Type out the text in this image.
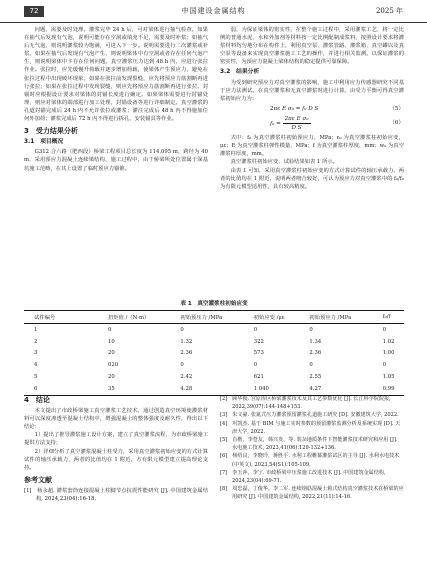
72	中国建设金属结构	2025 年

问题，需要及时处理。灌浆完毕 24 h 后，可对梁体进行抽气检查。如果在抽气后发现有气泡，说明可能存在空洞或填充不足，需要及时补浆；如抽气后无气泡，则说明灌浆较为饱满，可进入下一步。说明需要进行二次灌浆或补浆。如果在抽气后发现有气泡产生，则说明梁体中有空洞或者存在任何气泡产生，则说明梁体中卡存在任何问题。真空灌浆压力达到 48 h 内，应进行张拉作业。张拉时，应先缓慢升荷载并逐步增加荷载，使梁体产生预应力，避免在张拉过程中出现破坏现象。如果在张拉前发现裂缝，应先将预应力筋割断再进行张拉；如果在张拉过程中发现裂缝，则应先将预应力筋割断再进行张拉。封锚时应根据设计要求对梁体的封锚长度进行确定。如果梁体需要进行封锚处理，则应对梁体的端部进行加工处理，封锚设备等进行详细制定。真空灌浆的孔道封锚完成后 24 h 内不允许张拉或灌浆；灌注完成后 48 h 内不得施加任何外加荷；灌浆完成后 72 h 内不得进行拆孔、安装锚具等作业。

3　受力结果分析
3.1　项目概况

G312 合六路（肥西段）桥梁工程项目总长度为 114.095 m，跨径为 40 m，采用预应力混凝土连续梁结构，施工过程中，由于桥梁所处位置属于深基坑施工范畴，在其上设置了临时预应力锚锥。

弱，为保证梁体的密实性，在整个施工过程中，采用灌浆工艺，将一定比例的普通水泥、水和外加剂等材料按一定比例配制成浆料，按照设计要求将灌浆材料均匀地分布在构件上，利用真空泵、灌浆管路、灌浆箱、真空罐以及真空泵等设备来实现真空灌浆施工工艺的操作，并进行相关监测。以保证灌浆的密实性，为预应力混凝土梁体结构的稳定提供可靠保障。

3.2　结果分析

为受到研究预应力对真空灌浆的影响，施工中利用应力传感器研究不同基于应力法测试，在真空灌浆和无真空灌浆时进行计算。由受力平衡可得真空灌浆初始应力为：

2πε E σ₀ = f₀ D S	（5）
$f_0 = \frac{\text{2πε E σ₀}}{\text{D S}}$	（6）

式中：f₀ 为真空灌浆柱初始预应力，MPa；ε₀ 为真空灌浆柱初始应变，με；E 为真空灌浆柱弹性模量，MPa；f 为真空灌浆柱厚度，mm；w₀ 为真空灌浆柱厚度，mm。

真空灌浆柱初始应变、试验结果如表 1 所示。

由表 1 可知，采用真空灌浆柱初始应变的方式计算试件的轴压承载力，两者的比值均在 1 附近，说明两者吻合较好，可认为预应力对真空灌浆中的 f₀/f₀ 为有限元模型适用性，具有较高精度。

表 1　真空灌浆柱初始应变
试件编号	扭矩值 /（N·m）	初始预压力 /MPa	初始应变 /με	初始预应力 /MPa	f₀/f
1	0	0	0	0	0
2	10	1.32	322	1.34	1.02
3	20	2.36	573	2.36	1.00
4	020	0	0	0	0
5	20	2.42	621	2.55	1.05
6	35	4.28	1 040	4.27	0.99
4　结论

本文提出了市政桥梁施工真空灌浆工艺技术，通过创造真空环境使灌浆材料可以深度渗透至混凝土结构中，增强混凝土的整体强度及耐久性，得出以下结论：

1）提出了推导灌浆施工设计方案，建立了真空灌浆流程，为市政桥梁施工提供方法支持；

2）详细分析了真空灌浆混凝土柱受力，采用真空灌浆初始应变的方式计算试件的轴压承载力，两者的比值均在 1 附近，方有限元模型建立提高理论支持。

参考文献

[1]　杨永超. 灌浆套筒连接混凝土柱脚节点抗震性能研究 [J]. 中国建筑金属结构, 2024,23(04):16-18.

[2]　顾华俊. 宫原库区桥梁灌浆技术及其工艺参数优化 [J]. 长江科学院院报, 2022,39(07):144-148+153.

[3]　朱文豪. 张氮式压力灌浆预留灌浆孔道施工研究 [D]. 安徽建筑大学, 2022.

[4]　巩凯杰. 基于 BIM 与施工实时参数的预留灌浆监测分析及系统实现 [D]. 天津大学, 2022.

[5]　肖楷，李苍友，韩兴发，等. 装杂地质条件下智能灌浆技术研究和应用 [J]. 水电施工技术, 2023,41(06):129-132+136.

[6]　杨绍良，李晓玲，蒋胜平. 水利工程帷幕灌浆试区的主导 [J]. 水利水电技术 (中英文), 2023,54(S1):105-109.

[7]　李玉萍，李宁. 市政桥梁中压浆施工改进技术 [J]. 中国建筑金属结构, 2024,23(04):69-71.

[8]　周忠磊，丁俊华，李二军. 连续钢筋混凝土箱式结构真空灌浆技术在桥梁的应用研究 [J]. 中国建筑金属结构, 2022,21(11):14-16.
